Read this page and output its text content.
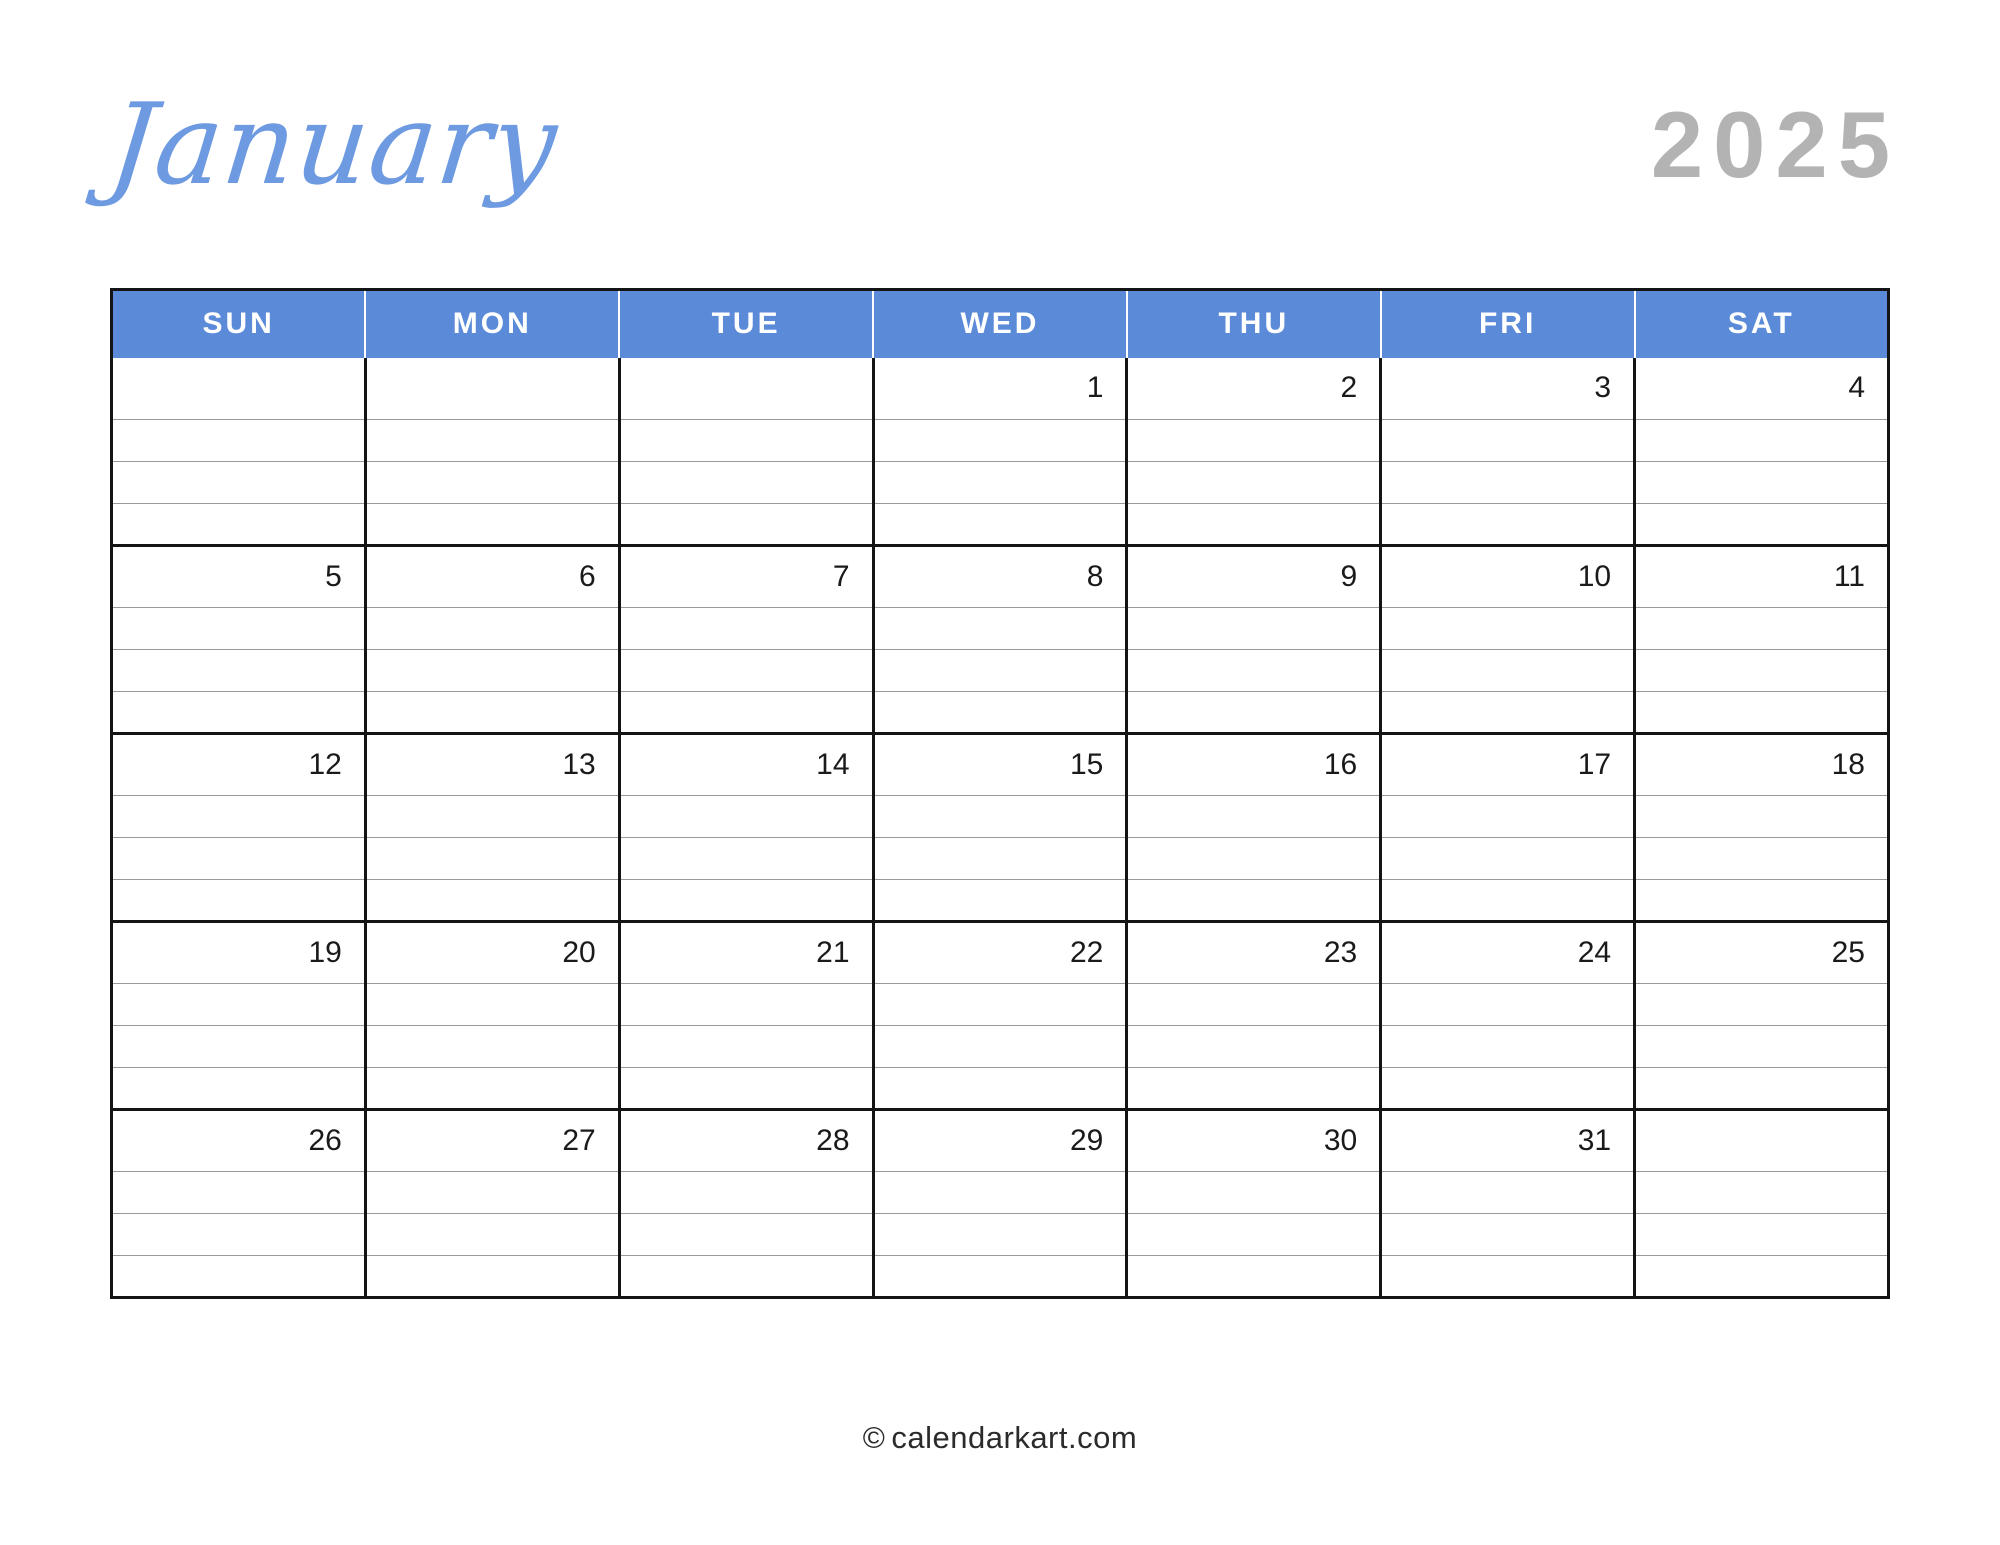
January	2025
SUN	MON	TUE	WED	THU	FRI	SAT
			1	2	3	4

5	6	7	8	9	10	11

12	13	14	15	16	17	18

19	20	21	22	23	24	25

26	27	28	29	30	31	

© calendarkart.com
